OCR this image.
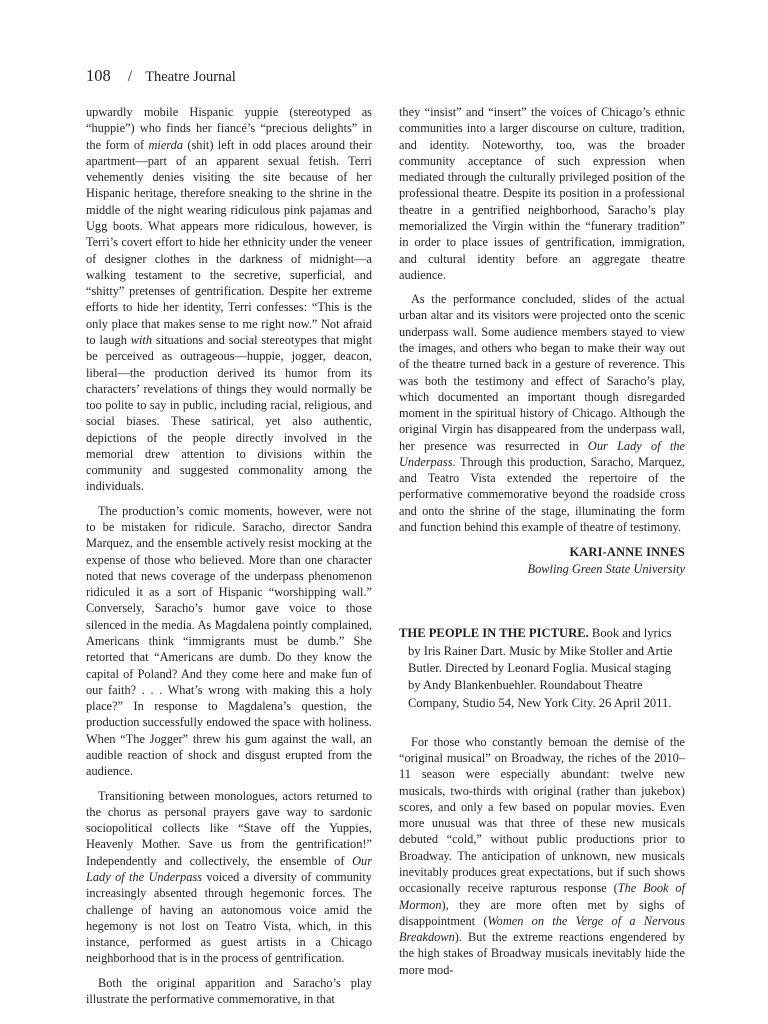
108 / Theatre Journal

upwardly mobile Hispanic yuppie (stereotyped as “huppie”) who finds her fiancé’s “precious delights” in the form of mierda (shit) left in odd places around their apartment—part of an apparent sexual fetish. Terri vehemently denies visiting the site because of her Hispanic heritage, therefore sneaking to the shrine in the middle of the night wearing ridiculous pink pajamas and Ugg boots. What appears more ridiculous, however, is Terri’s covert effort to hide her ethnicity under the veneer of designer clothes in the darkness of midnight—a walking testament to the secretive, superficial, and “shitty” pretenses of gentrification. Despite her extreme efforts to hide her identity, Terri confesses: “This is the only place that makes sense to me right now.” Not afraid to laugh with situations and social stereotypes that might be perceived as outrageous—huppie, jogger, deacon, liberal—the production derived its humor from its characters’ revelations of things they would normally be too polite to say in public, including racial, religious, and social biases. These satirical, yet also authentic, depictions of the people directly involved in the memorial drew attention to divisions within the community and suggested commonality among the individuals.

The production’s comic moments, however, were not to be mistaken for ridicule. Saracho, director Sandra Marquez, and the ensemble actively resist mocking at the expense of those who believed. More than one character noted that news coverage of the underpass phenomenon ridiculed it as a sort of Hispanic “worshipping wall.” Conversely, Saracho’s humor gave voice to those silenced in the media. As Magdalena pointly complained, Americans think “immigrants must be dumb.” She retorted that “Americans are dumb. Do they know the capital of Poland? And they come here and make fun of our faith? . . . What’s wrong with making this a holy place?” In response to Magdalena’s question, the production successfully endowed the space with holiness. When “The Jogger” threw his gum against the wall, an audible reaction of shock and disgust erupted from the audience.

Transitioning between monologues, actors returned to the chorus as personal prayers gave way to sardonic sociopolitical collects like “Stave off the Yuppies, Heavenly Mother. Save us from the gentrification!” Independently and collectively, the ensemble of Our Lady of the Underpass voiced a diversity of community increasingly absented through hegemonic forces. The challenge of having an autonomous voice amid the hegemony is not lost on Teatro Vista, which, in this instance, performed as guest artists in a Chicago neighborhood that is in the process of gentrification.

Both the original apparition and Saracho’s play illustrate the performative commemorative, in that

they “insist” and “insert” the voices of Chicago’s ethnic communities into a larger discourse on culture, tradition, and identity. Noteworthy, too, was the broader community acceptance of such expression when mediated through the culturally privileged position of the professional theatre. Despite its position in a professional theatre in a gentrified neighborhood, Saracho’s play memorialized the Virgin within the “funerary tradition” in order to place issues of gentrification, immigration, and cultural identity before an aggregate theatre audience.

As the performance concluded, slides of the actual urban altar and its visitors were projected onto the scenic underpass wall. Some audience members stayed to view the images, and others who began to make their way out of the theatre turned back in a gesture of reverence. This was both the testimony and effect of Saracho’s play, which documented an important though disregarded moment in the spiritual history of Chicago. Although the original Virgin has disappeared from the underpass wall, her presence was resurrected in Our Lady of the Underpass. Through this production, Saracho, Marquez, and Teatro Vista extended the repertoire of the performative commemorative beyond the roadside cross and onto the shrine of the stage, illuminating the form and function behind this example of theatre of testimony.

KARI-ANNE INNES
Bowling Green State University
THE PEOPLE IN THE PICTURE. Book and lyrics by Iris Rainer Dart. Music by Mike Stoller and Artie Butler. Directed by Leonard Foglia. Musical staging by Andy Blankenbuehler. Roundabout Theatre Company, Studio 54, New York City. 26 April 2011.

For those who constantly bemoan the demise of the “original musical” on Broadway, the riches of the 2010–11 season were especially abundant: twelve new musicals, two-thirds with original (rather than jukebox) scores, and only a few based on popular movies. Even more unusual was that three of these new musicals debuted “cold,” without public productions prior to Broadway. The anticipation of unknown, new musicals inevitably produces great expectations, but if such shows occasionally receive rapturous response (The Book of Mormon), they are more often met by sighs of disappointment (Women on the Verge of a Nervous Breakdown). But the extreme reactions engendered by the high stakes of Broadway musicals inevitably hide the more mod-
